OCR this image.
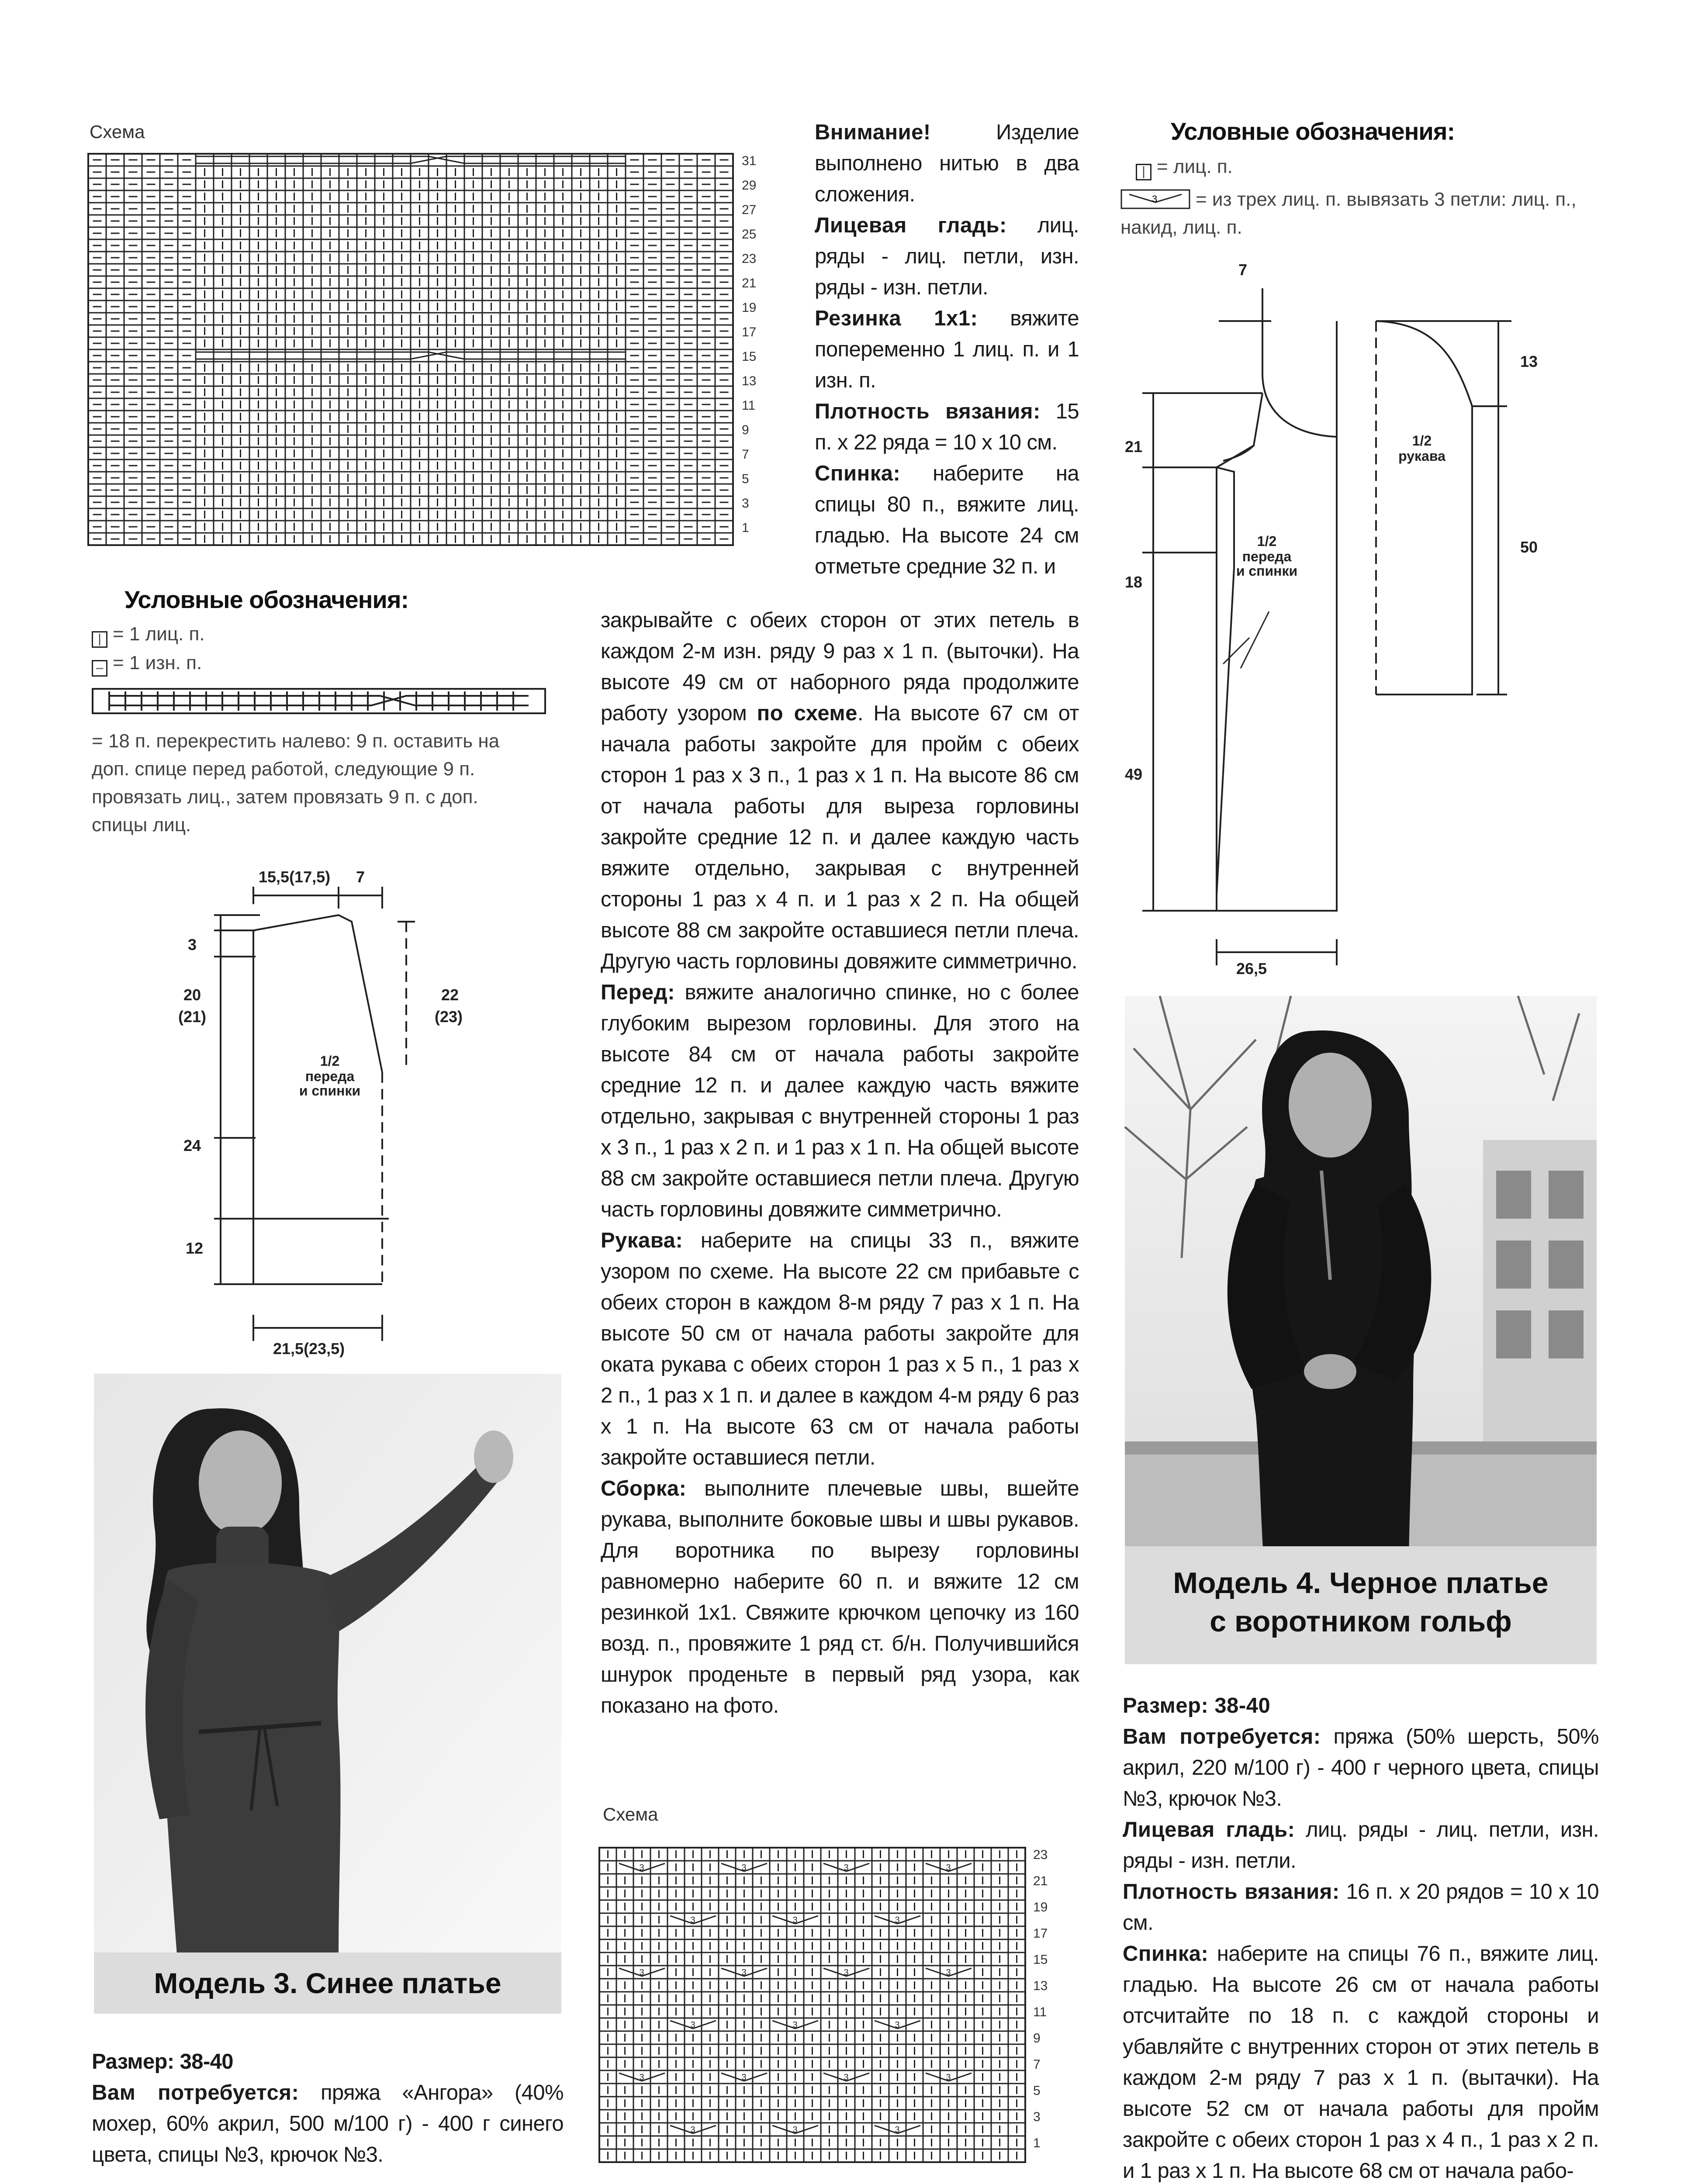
Схема
31
29
27
25
23
21
19
17
15
13
11
9
7
5
3
1
Условные обозначения:
| = 1 лиц. п.
– = 1 изн. п.
= 18 п. перекрестить налево: 9 п. оставить на доп. спице перед работой, следующие 9 п. провязать лиц., затем провязать 9 п. с доп. спицы лиц.
15,5(17,5) 7
3
20
(21)
22
(23)
24
12
21,5(23,5)
1/2
переда
и спинки
Модель 3. Синее платье
Размер: 38-40
Вам потребуется: пряжа «Ангора» (40% мохер, 60% акрил, 500 м/100 г) - 400 г синего цвета, спицы №3, крючок №3.

Внимание!	Изделие выполнено нитью в два сложения.

Лицевая гладь: лиц. ряды - лиц. петли, изн. ряды - изн. петли.

Резинка 1x1: вяжите попеременно 1 лиц. п. и 1 изн. п.

Плотность вязания: 15 п. х 22 ряда = 10 х 10 см.

Спинка: наберите на спицы 80 п., вяжите лиц. гладью. На высоте 24 см отметьте средние 32 п. и

закрывайте с обеих сторон от этих петель в каждом 2-м изн. ряду 9 раз х 1 п. (выточки). На высоте 49 см от наборного ряда продолжите работу узором по схеме. На высоте 67 см от начала работы закройте для пройм с обеих сторон 1 раз х 3 п., 1 раз х 1 п. На высоте 86 см от начала работы для выреза горловины закройте средние 12 п. и далее каждую часть вяжите отдельно, закрывая с внутренней стороны 1 раз х 4 п. и 1 раз х 2 п. На общей высоте 88 см закройте оставшиеся петли плеча. Другую часть горловины довяжите симметрично.

Перед: вяжите аналогично спинке, но с более глубоким вырезом горловины. Для этого на высоте 84 см от начала работы закройте средние 12 п. и далее каждую часть вяжите отдельно, закрывая с внутренней стороны 1 раз х 3 п., 1 раз х 2 п. и 1 раз х 1 п. На общей высоте 88 см закройте оставшиеся петли плеча. Другую часть горловины довяжите симметрично.

Рукава: наберите на спицы 33 п., вяжите узором по схеме. На высоте 22 см прибавьте с обеих сторон в каждом 8-м ряду 7 раз х 1 п. На высоте 50 см от начала работы закройте для оката рукава с обеих сторон 1 раз х 5 п., 1 раз х 2 п., 1 раз х 1 п. и далее в каждом 4-м ряду 6 раз х 1 п. На высоте 63 см от начала работы закройте оставшиеся петли.

Сборка: выполните плечевые швы, вшейте рукава, выполните боковые швы и швы рукавов. Для воротника по вырезу горловины равномерно наберите 60 п. и вяжите 12 см резинкой 1x1. Свяжите крючком цепочку из 160 возд. п., провяжите 1 ряд ст. б/н. Получившийся шнурок проденьте в первый ряд узора, как показано на фото.

Схема
3	3	3	3
3	3	3
3	3	3	3
3	3	3
3	3	3	3
3	3	3
23
21
19
17
15
13
11
9
7
5
3
1
Условные обозначения:
| = лиц. п.
3 = из трех лиц. п. вывязать 3 петли: лиц. п., накид, лиц. п.
7
13
21
18
50
49
26,5
1/2
рукава
1/2
переда
и спинки
Модель 4. Черное платье
с воротником гольф

Размер: 38-40

Вам потребуется: пряжа (50% шерсть, 50% акрил, 220 м/100 г) - 400 г черного цвета, спицы №3, крючок №3.

Лицевая гладь: лиц. ряды - лиц. петли, изн. ряды - изн. петли.

Плотность вязания: 16 п. х 20 рядов = 10 х 10 см.

Спинка: наберите на спицы 76 п., вяжите лиц. гладью. На высоте 26 см от начала работы отсчитайте по 18 п. с каждой стороны и убавляйте с внутренних сторон от этих петель в каждом 2-м ряду 7 раз х 1 п. (вытачки). На высоте 52 см от начала работы для пройм закройте с обеих сторон 1 раз х 4 п., 1 раз х 2 п. и 1 раз х 1 п. На высоте 68 см от начала рабо-
